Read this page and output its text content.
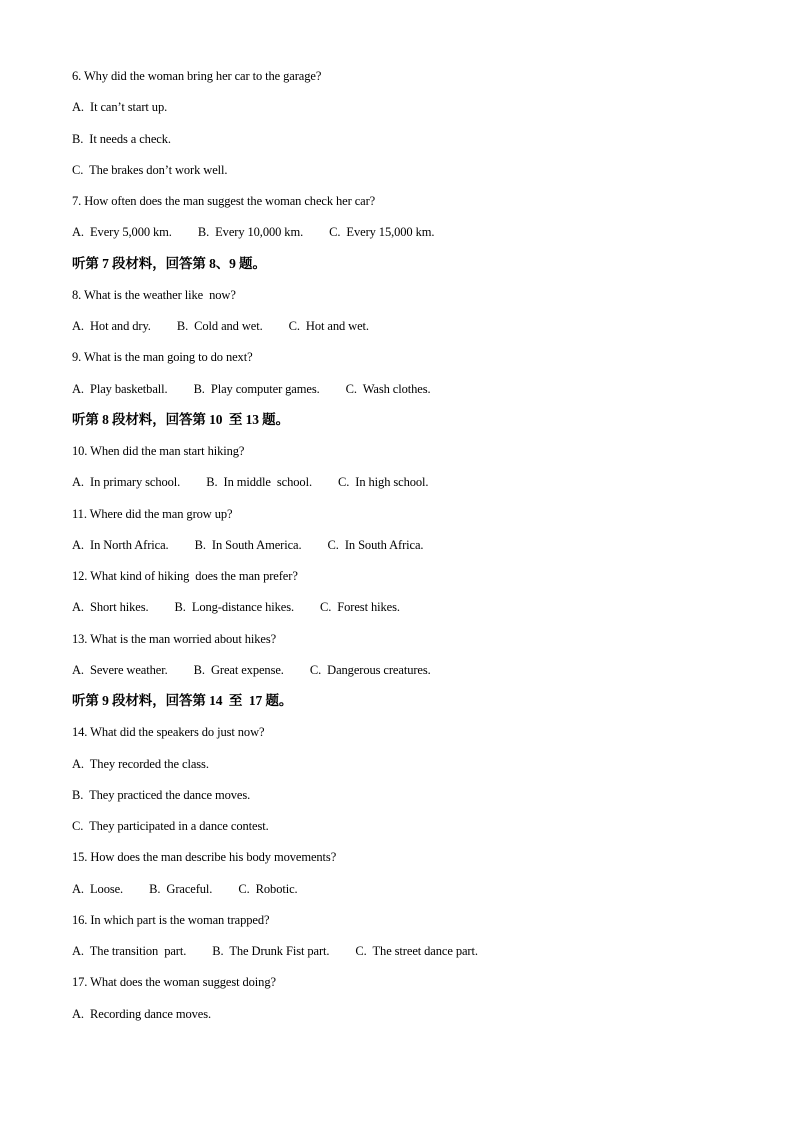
6. Why did the woman bring her car to the garage?
A.  It can’t start up.
B.  It needs a check.
C.  The brakes don’t work well.
7. How often does the man suggest the woman check her car?
A.  Every 5,000 km. B.  Every 10,000 km. C.  Every 15,000 km.
听第 7 段材料，回答第 8、9 题。
8. What is the weather like  now?
A.  Hot and dry. B.  Cold and wet. C.  Hot and wet.
9. What is the man going to do next?
A.  Play basketball. B.  Play computer games. C.  Wash clothes.
听第 8 段材料，回答第 10  至 13 题。
10. When did the man start hiking?
A.  In primary school. B.  In middle  school. C.  In high school.
11. Where did the man grow up?
A.  In North Africa. B.  In South America. C.  In South Africa.
12. What kind of hiking  does the man prefer?
A.  Short hikes. B.  Long-distance hikes. C.  Forest hikes.
13. What is the man worried about hikes?
A.  Severe weather. B.  Great expense. C.  Dangerous creatures.
听第 9 段材料，回答第 14  至  17 题。
14. What did the speakers do just now?
A.  They recorded the class.
B.  They practiced the dance moves.
C.  They participated in a dance contest.
15. How does the man describe his body movements?
A.  Loose. B.  Graceful. C.  Robotic.
16. In which part is the woman trapped?
A.  The transition  part. B.  The Drunk Fist part. C.  The street dance part.
17. What does the woman suggest doing?
A.  Recording dance moves.
